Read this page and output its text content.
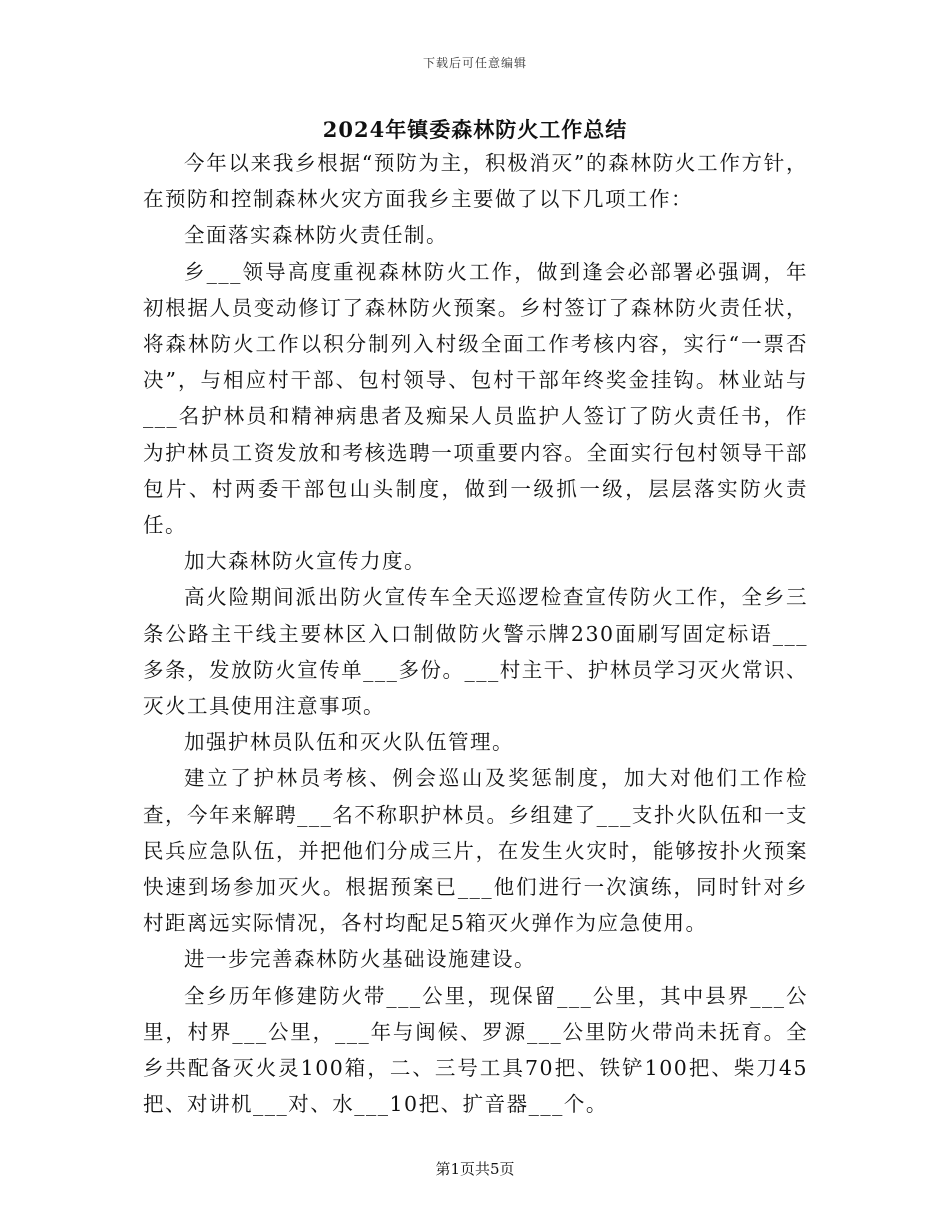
下载后可任意编辑
2024年镇委森林防火工作总结

今年以来我乡根据“预防为主，积极消灭”的森林防火工作方针，在预防和控制森林火灾方面我乡主要做了以下几项工作：

全面落实森林防火责任制。

乡___领导高度重视森林防火工作，做到逢会必部署必强调，年初根据人员变动修订了森林防火预案。乡村签订了森林防火责任状，将森林防火工作以积分制列入村级全面工作考核内容，实行“一票否决”，与相应村干部、包村领导、包村干部年终奖金挂钩。林业站与___名护林员和精神病患者及痴呆人员监护人签订了防火责任书，作为护林员工资发放和考核选聘一项重要内容。全面实行包村领导干部包片、村两委干部包山头制度，做到一级抓一级，层层落实防火责任。

加大森林防火宣传力度。

高火险期间派出防火宣传车全天巡逻检查宣传防火工作，全乡三条公路主干线主要林区入口制做防火警示牌230面刷写固定标语___多条，发放防火宣传单___多份。___村主干、护林员学习灭火常识、灭火工具使用注意事项。

加强护林员队伍和灭火队伍管理。

建立了护林员考核、例会巡山及奖惩制度，加大对他们工作检查，今年来解聘___名不称职护林员。乡组建了___支扑火队伍和一支民兵应急队伍，并把他们分成三片，在发生火灾时，能够按扑火预案快速到场参加灭火。根据预案已___他们进行一次演练，同时针对乡村距离远实际情况，各村均配足5箱灭火弹作为应急使用。

进一步完善森林防火基础设施建设。

全乡历年修建防火带___公里，现保留___公里，其中县界___公里，村界___公里，___年与闽候、罗源___公里防火带尚未抚育。全乡共配备灭火灵100箱，二、三号工具70把、铁铲100把、柴刀45把、对讲机___对、水___10把、扩音器___个。

第1页共5页
